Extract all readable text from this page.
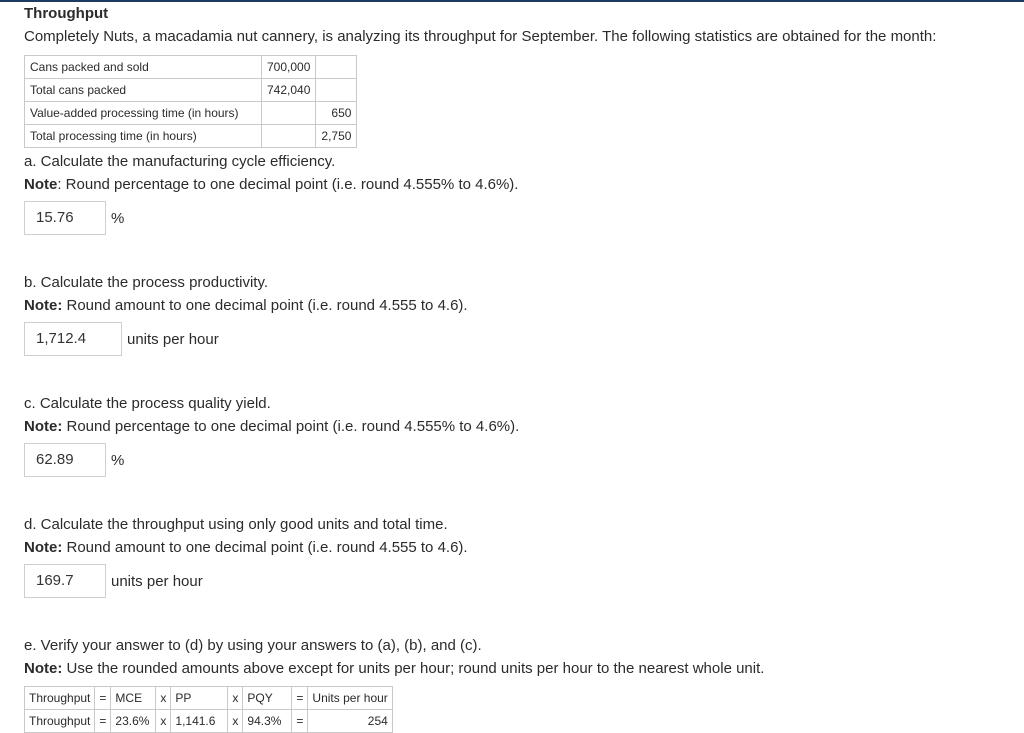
Throughput
Completely Nuts, a macadamia nut cannery, is analyzing its throughput for September. The following statistics are obtained for the month:
Cans packed and sold	700,000	
Total cans packed	742,040	
Value-added processing time (in hours)		650
Total processing time (in hours)		2,750
a. Calculate the manufacturing cycle efficiency.
Note: Round percentage to one decimal point (i.e. round 4.555% to 4.6%).
15.76	%
b. Calculate the process productivity.
Note: Round amount to one decimal point (i.e. round 4.555 to 4.6).
1,712.4	units per hour
c. Calculate the process quality yield.
Note: Round percentage to one decimal point (i.e. round 4.555% to 4.6%).
62.89	%
d. Calculate the throughput using only good units and total time.
Note: Round amount to one decimal point (i.e. round 4.555 to 4.6).
169.7	units per hour
e. Verify your answer to (d) by using your answers to (a), (b), and (c).
Note: Use the rounded amounts above except for units per hour; round units per hour to the nearest whole unit.
Throughput	=	MCE	x	PP	x	PQY	=	Units per hour
Throughput	=	23.6%	x	1,141.6	x	94.3%	=	254
